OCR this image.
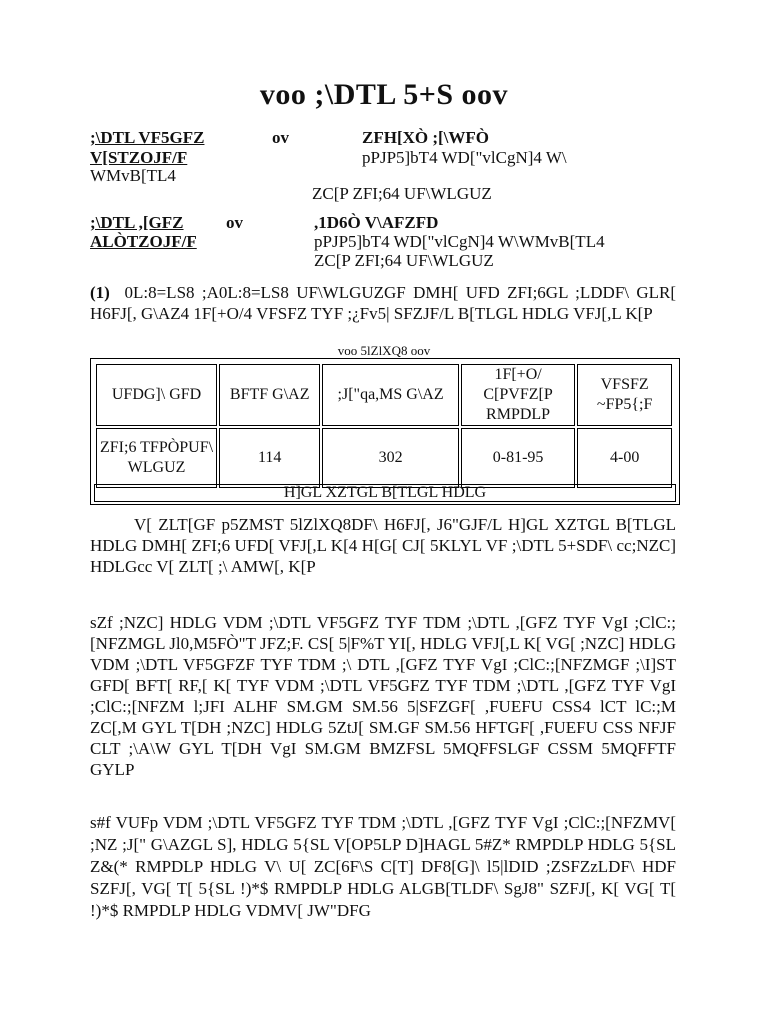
voo ;\DTL 5+S oov
;\DTL VF5GFZ	ov	ZFH[XÒ ;[\WFÒ
V[STZOJF/F	pPJP5]bT4 WD["vlCgN]4 W\
WMvB[TL4
ZC[P ZFI;64 UF\WLGUZ
;\DTL ,[GFZ ov	,1D6Ò V\AFZFD
ALÒTZOJF/F	pPJP5]bT4 WD["vlCgN]4 W\WMvB[TL4
ZC[P ZFI;64 UF\WLGUZ
(1) 0L:8=LS8 ;A0L:8=LS8 UF\WLGUZGF DMH[ UFD ZFI;6GL ;LDDF\ GLR[ H6FJ[, G\AZ4 1F[+O/4 VFSFZ TYF ;¿Fv5| SFZJF/L B[TLGL HDLG VFJ[,L K[P
voo 5lZlXQ8 oov
UFDG]\ GFD	BFTF G\AZ	;J["qa,MS G\AZ	1F[+O/ C[PVFZ[P RMPDLP	VFSFZ ~FP5{;F
ZFI;6 TFPÒPUF\ WLGUZ	114	302	0-81-95	4-00
H]GL XZTGL B[TLGL HDLG
V[ ZLT[GF p5ZMST 5lZlXQ8DF\ H6FJ[, J6"GJF/L H]GL XZTGL B[TLGL HDLG DMH[ ZFI;6 UFD[ VFJ[,L K[4 H[G[ CJ[ 5KLYL VF ;\DTL 5+SDF\ cc;NZC] HDLGcc V[ ZLT[ ;\ AMW[, K[P
sZf ;NZC] HDLG VDM ;\DTL VF5GFZ TYF TDM ;\DTL ,[GFZ TYF VgI ;ClC:;[NFZMGL Jl0,M5FÒ"T JFZ;F. CS[ 5|F%T YI[, HDLG VFJ[,L K[ VG[ ;NZC] HDLG VDM ;\DTL VF5GFZF TYF TDM ;\ DTL ,[GFZ TYF VgI ;ClC:;[NFZMGF ;\I]ST GFD[ BFT[ RF,[ K[ TYF VDM ;\DTL VF5GFZ TYF TDM ;\DTL ,[GFZ TYF VgI ;ClC:;[NFZM l;JFI ALHF SM.GM SM.56 5|SFZGF[ ,FUEFU CSS4 lCT lC:;M ZC[,M GYL T[DH ;NZC] HDLG 5ZtJ[ SM.GF SM.56 HFTGF[ ,FUEFU CSS NFJF CLT ;\A\W GYL T[DH VgI SM.GM BMZFSL 5MQFFSLGF CSSM 5MQFFTF GYLP
s#f VUFp VDM ;\DTL VF5GFZ TYF TDM ;\DTL ,[GFZ TYF VgI ;ClC:;[NFZMV[ ;NZ ;J[" G\AZGL S], HDLG 5{SL V[OP5LP D]HAGL 5#Z* RMPDLP HDLG 5{SL Z&(* RMPDLP HDLG V\ U[ ZC[6F\S C[T] DF8[G]\ l5|lDID ;ZSFZzLDF\ HDF SZFJ[, VG[ T[ 5{SL !)*$ RMPDLP HDLG ALGB[TLDF\ SgJ8" SZFJ[, K[ VG[ T[ !)*$ RMPDLP HDLG VDMV[ JW"DFG
